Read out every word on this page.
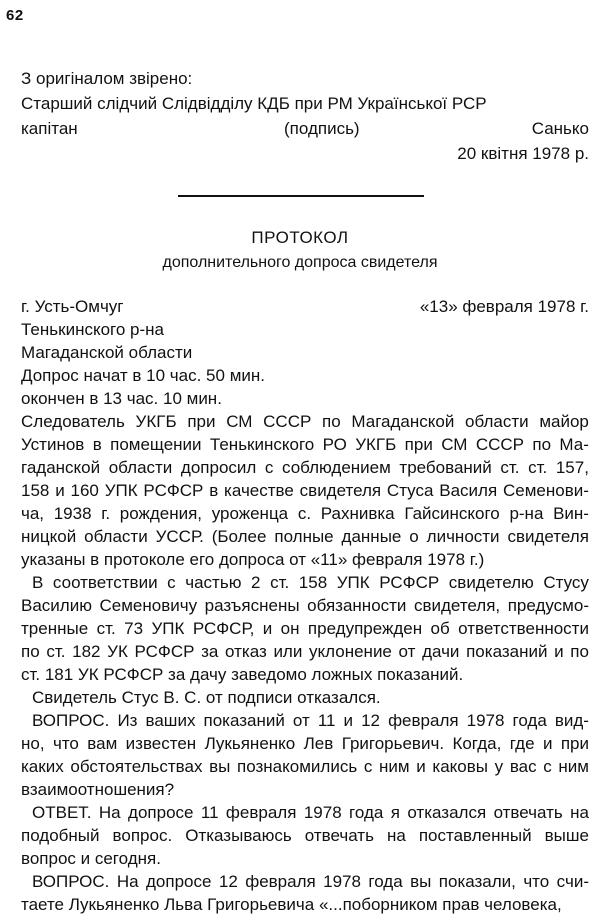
62
З оригіналом звірено:
Старший слідчий Слідвідділу КДБ при РМ Української РСР
капітан	(подпись)	Санько
20 квітня 1978 р.
ПРОТОКОЛ
дополнительного допроса свидетеля
г. Усть-Омчуг	«13» февраля 1978 г.
Тенькинского р-на
Магаданской области
Допрос начат в 10 час. 50 мин.
окончен в 13 час. 10 мин.
Следователь УКГБ при СМ СССР по Магаданской области майор
Устинов в помещении Тенькинского РО УКГБ при СМ СССР по Ма-
гаданской области допросил с соблюдением требований ст. ст. 157,
158 и 160 УПК РСФСР в качестве свидетеля Стуса Василя Семенови-
ча, 1938 г. рождения, уроженца с. Рахнивка Гайсинского р-на Вин-
ницкой области УССР. (Более полные данные о личности свидетеля
указаны в протоколе его допроса от «11» февраля 1978 г.)
В соответствии с частью 2 ст. 158 УПК РСФСР свидетелю Стусу
Василию Семеновичу разъяснены обязанности свидетеля, предусмо-
тренные ст. 73 УПК РСФСР, и он предупрежден об ответственности
по ст. 182 УК РСФСР за отказ или уклонение от дачи показаний и по
ст. 181 УК РСФСР за дачу заведомо ложных показаний.
Свидетель Стус В. С. от подписи отказался.
ВОПРОС. Из ваших показаний от 11 и 12 февраля 1978 года вид-
но, что вам известен Лукьяненко Лев Григорьевич. Когда, где и при
каких обстоятельствах вы познакомились с ним и каковы у вас с ним
взаимоотношения?
ОТВЕТ. На допросе 11 февраля 1978 года я отказался отвечать на
подобный вопрос. Отказываюсь отвечать на поставленный выше
вопрос и сегодня.
ВОПРОС. На допросе 12 февраля 1978 года вы показали, что счи-
таете Лукьяненко Льва Григорьевича «...поборником прав человека,
